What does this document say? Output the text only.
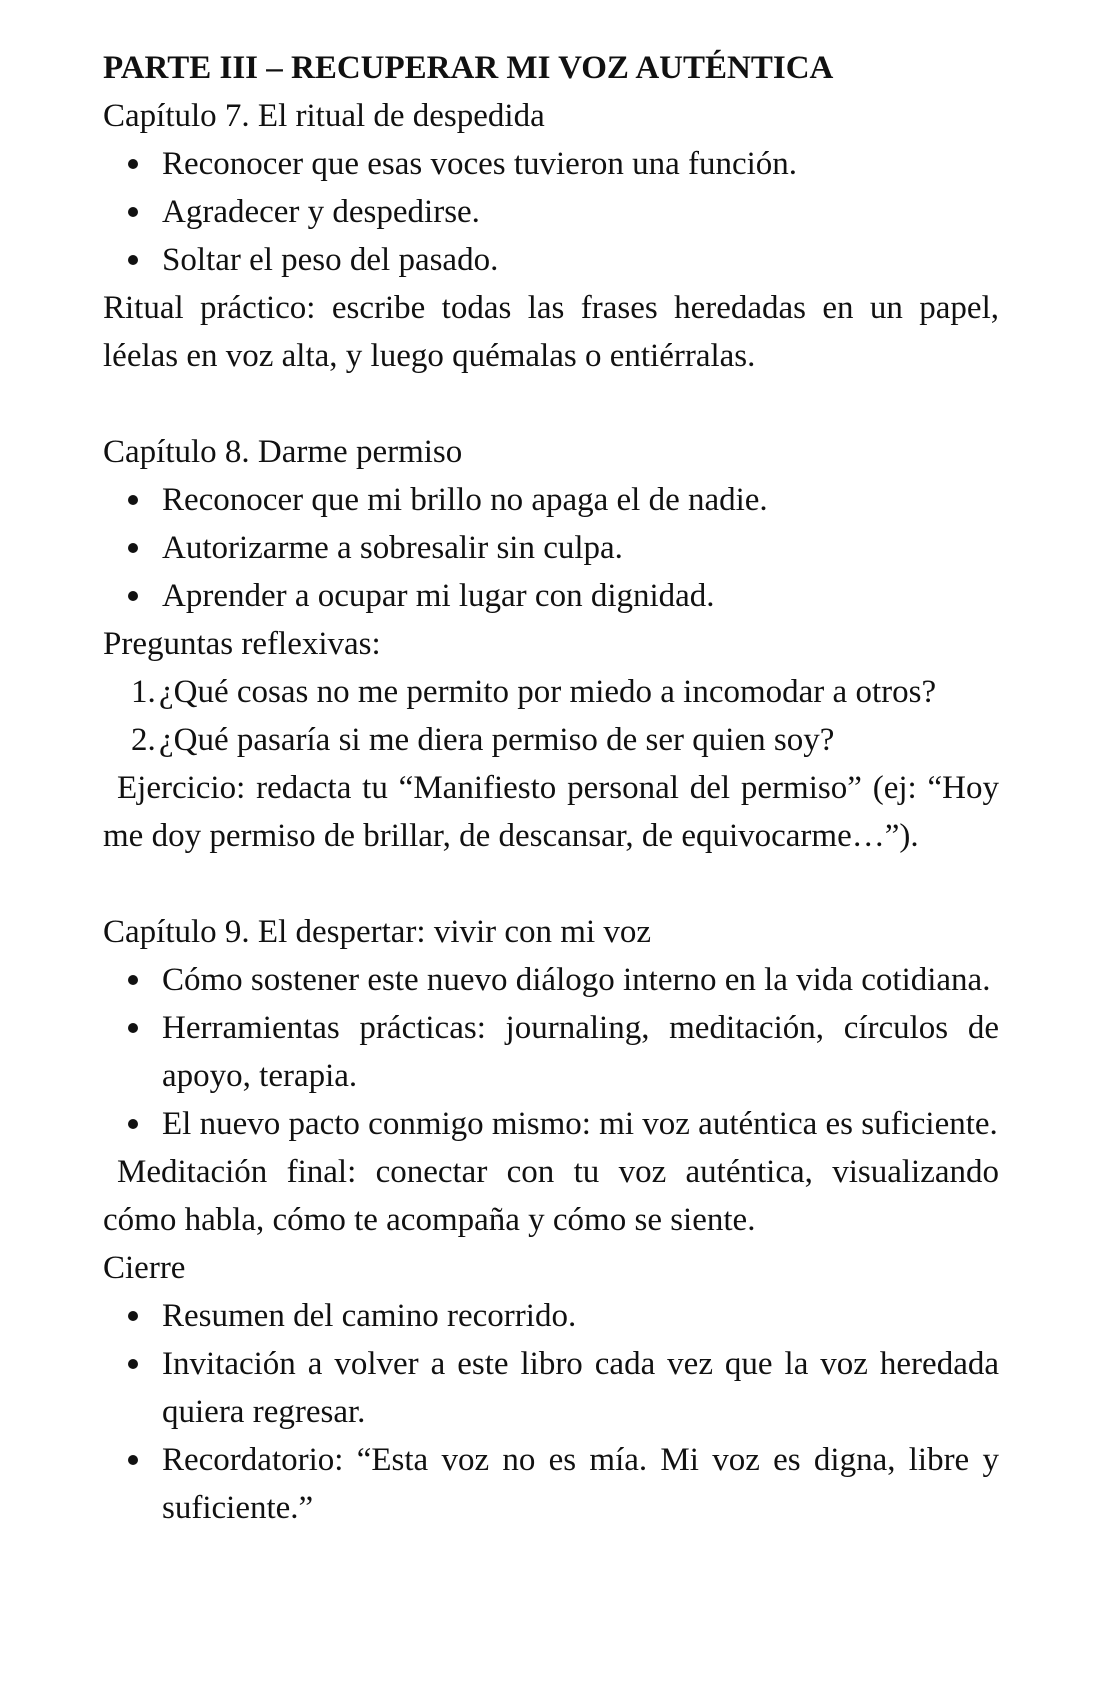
PARTE III – RECUPERAR MI VOZ AUTÉNTICA

Capítulo 7. El ritual de despedida

Reconocer que esas voces tuvieron una función.
Agradecer y despedirse.
Soltar el peso del pasado.

Ritual práctico: escribe todas las frases heredadas en un papel, léelas en voz alta, y luego quémalas o entiérralas.

Capítulo 8. Darme permiso

Reconocer que mi brillo no apaga el de nadie.
Autorizarme a sobresalir sin culpa.
Aprender a ocupar mi lugar con dignidad.

Preguntas reflexivas:

1. ¿Qué cosas no me permito por miedo a incomodar a otros?
2. ¿Qué pasaría si me diera permiso de ser quien soy?

Ejercicio: redacta tu “Manifiesto personal del permiso” (ej: “Hoy me doy permiso de brillar, de descansar, de equivocarme…”).

Capítulo 9. El despertar: vivir con mi voz

Cómo sostener este nuevo diálogo interno en la vida cotidiana.
Herramientas prácticas: journaling, meditación, círculos de apoyo, terapia.
El nuevo pacto conmigo mismo: mi voz auténtica es suficiente.

Meditación final: conectar con tu voz auténtica, visualizando cómo habla, cómo te acompaña y cómo se siente.

Cierre

Resumen del camino recorrido.
Invitación a volver a este libro cada vez que la voz heredada quiera regresar.
Recordatorio: “Esta voz no es mía. Mi voz es digna, libre y suficiente.”
